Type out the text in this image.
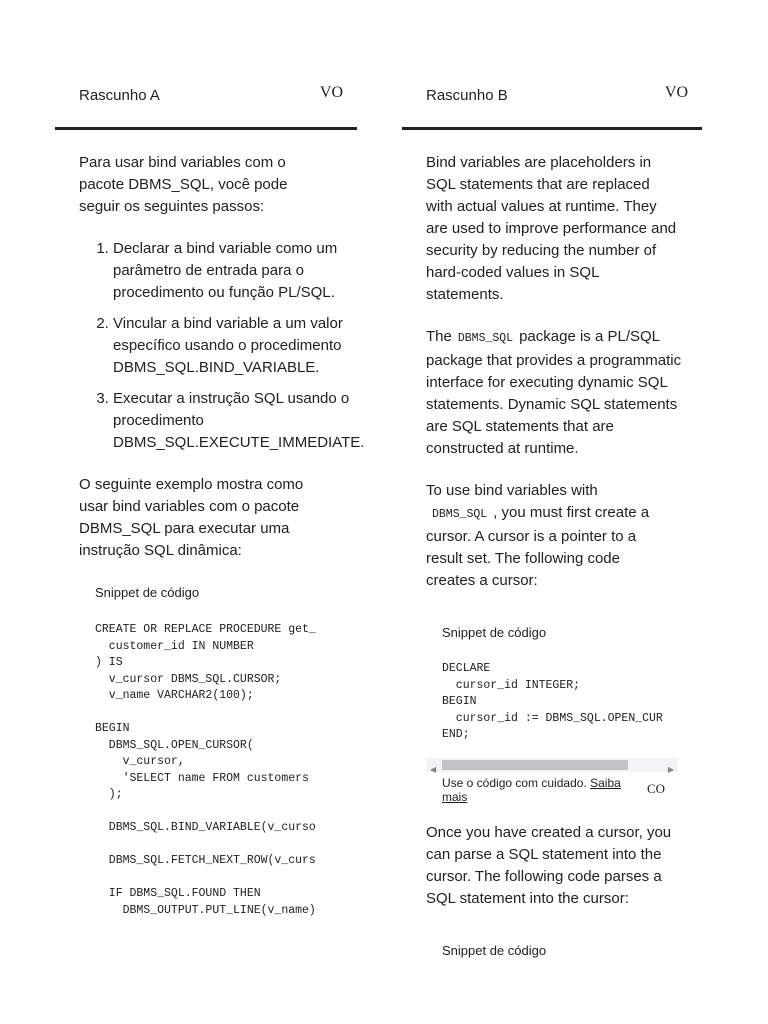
Rascunho A	VO

Para usar bind variables com o pacote DBMS_SQL, você pode seguir os seguintes passos:

1. Declarar a bind variable como um parâmetro de entrada para o procedimento ou função PL/SQL.
2. Vincular a bind variable a um valor específico usando o procedimento DBMS_SQL.BIND_VARIABLE.
3. Executar a instrução SQL usando o procedimento DBMS_SQL.EXECUTE_IMMEDIATE.

O seguinte exemplo mostra como usar bind variables com o pacote DBMS_SQL para executar uma instrução SQL dinâmica:

Snippet de código

CREATE OR REPLACE PROCEDURE get_
customer_id IN NUMBER
) IS
v_cursor DBMS_SQL.CURSOR;
v_name VARCHAR2(100);

BEGIN
DBMS_SQL.OPEN_CURSOR(
v_cursor,
'SELECT name FROM customers
);

DBMS_SQL.BIND_VARIABLE(v_curso

DBMS_SQL.FETCH_NEXT_ROW(v_curs

IF DBMS_SQL.FOUND THEN
DBMS_OUTPUT.PUT_LINE(v_name)
Rascunho B	VO

Bind variables are placeholders in SQL statements that are replaced with actual values at runtime. They are used to improve performance and security by reducing the number of hard-coded values in SQL statements.

The DBMS_SQL package is a PL/SQL package that provides a programmatic interface for executing dynamic SQL statements. Dynamic SQL statements are SQL statements that are constructed at runtime.

To use bind variables with
DBMS_SQL , you must first create a cursor. A cursor is a pointer to a result set. The following code creates a cursor:

Snippet de código

DECLARE
cursor_id INTEGER;
BEGIN
cursor_id := DBMS_SQL.OPEN_CUR
END;
◀	▶
Use o código com cuidado. Saiba mais
CO

Once you have created a cursor, you can parse a SQL statement into the cursor. The following code parses a SQL statement into the cursor:

Snippet de código
